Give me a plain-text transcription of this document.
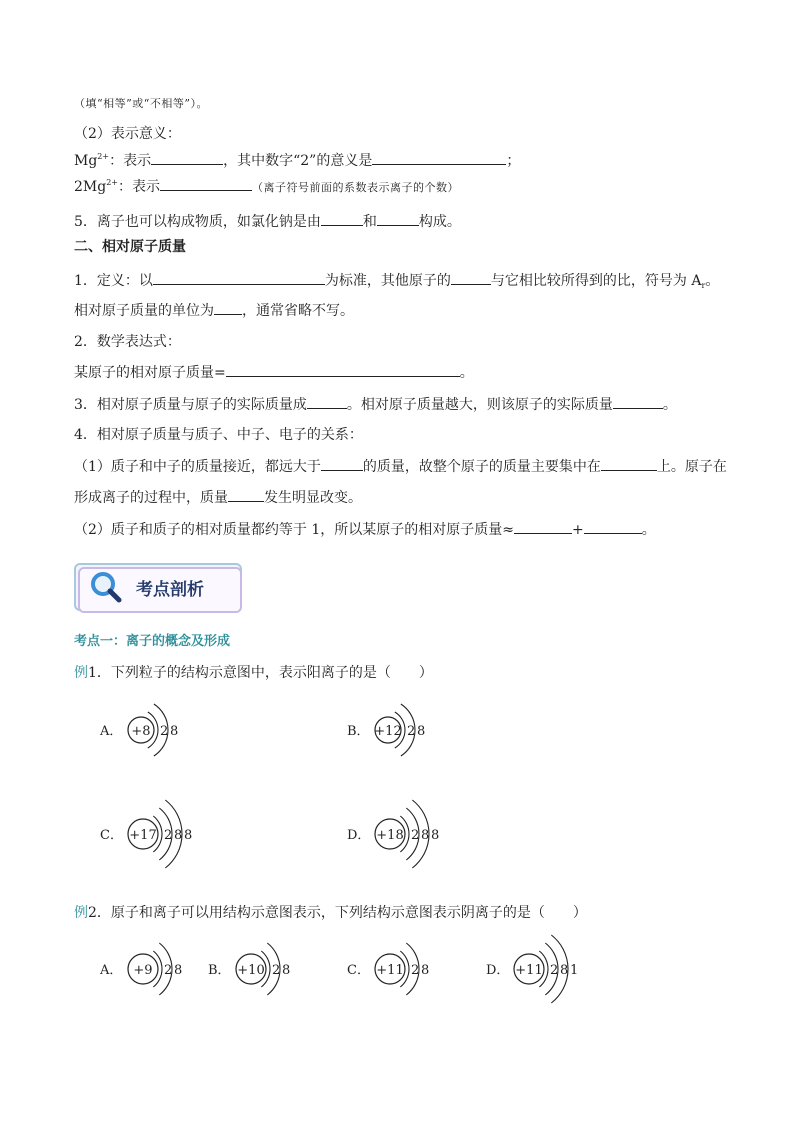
（填“相等”或“不相等”）。
（2）表示意义：
$Mg^{2+}$：表示	，其中数字“2”的意义是	；
$2Mg^{2+}$：表示	（离子符号前面的系数表示离子的个数）
5．离子也可以构成物质，如氯化钠是由	和	构成。
二、相对原子质量
1．定义：以	为标准，其他原子的	与它相比较所得到的比，符号为 $A_r$。
相对原子质量的单位为 ，通常省略不写。
2．数学表达式：
某原子的相对原子质量=	。
3．相对原子质量与原子的实际质量成	。相对原子质量越大，则该原子的实际质量	。
4．相对原子质量与质子、中子、电子的关系：
（1）质子和中子的质量接近，都远大于	的质量，故整个原子的质量主要集中在	上。原子在
形成离子的过程中，质量	发生明显改变。
（2）质子和质子的相对质量都约等于 1，所以某原子的相对原子质量≈	+	。
考点剖析
考点一：离子的概念及形成
例1．下列粒子的结构示意图中，表示阳离子的是（　　）
A． +8 2 8	B． +12 2 8
C． +17 2 8 8	D． +18 2 8 8
例2．原子和离子可以用结构示意图表示，下列结构示意图表示阴离子的是（　　）
A． +9 2 8 B． +10 2 8	C． +11 2 8	D． +11 2 8 1
